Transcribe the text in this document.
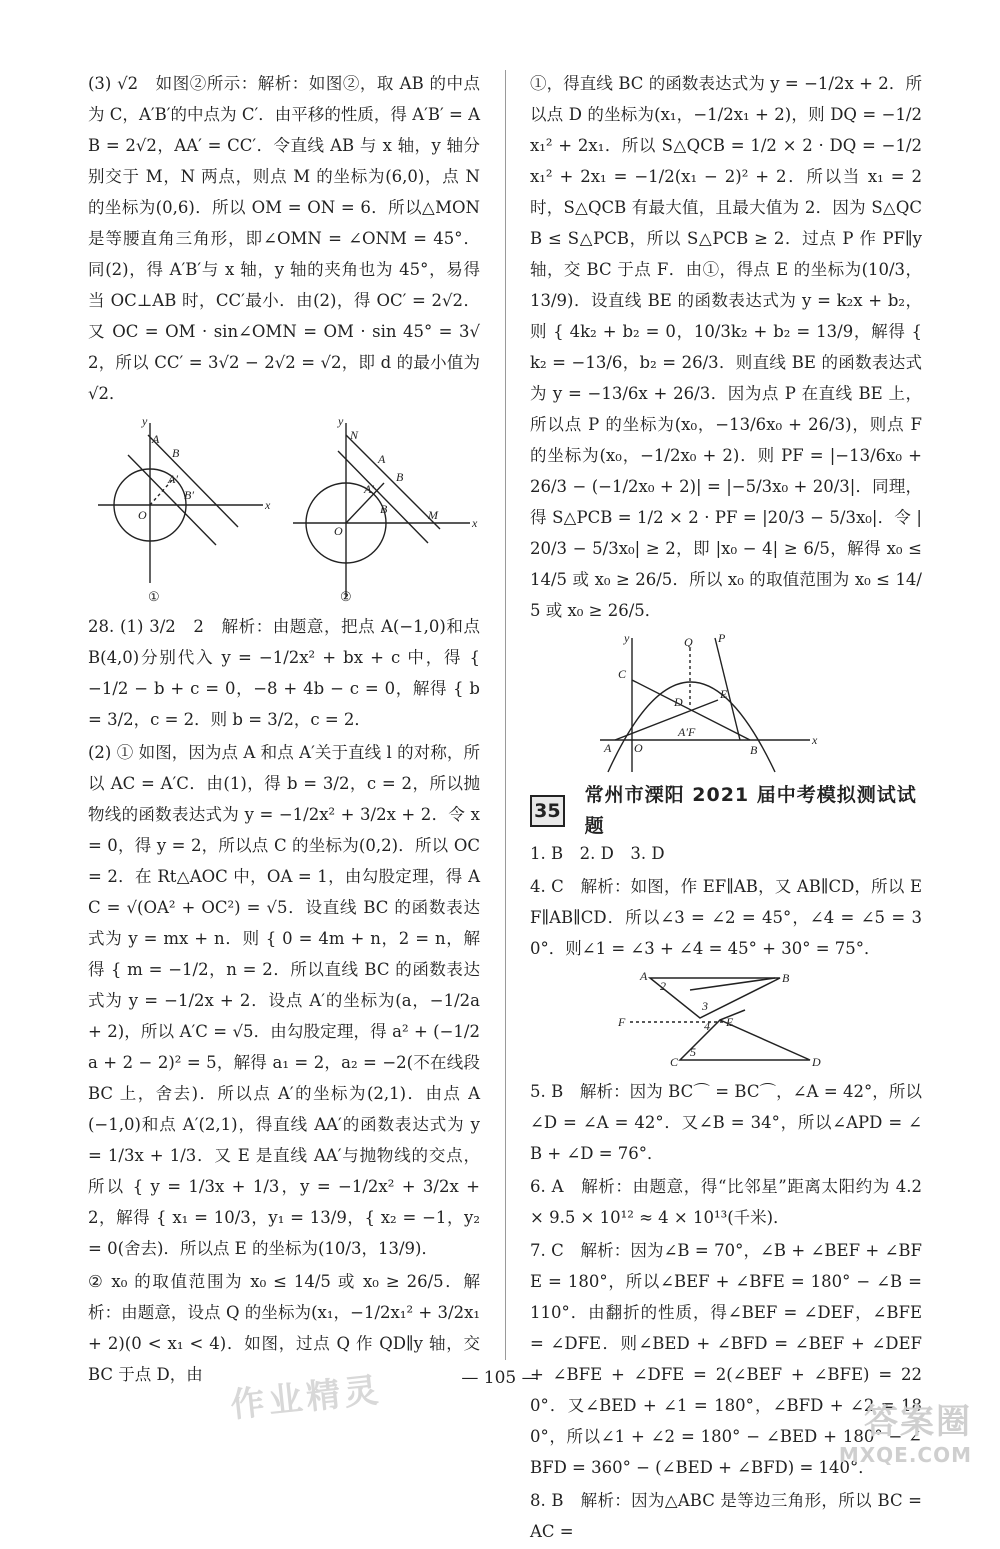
(3) √2　如图②所示：解析：如图②，取 AB 的中点为 C，A′B′的中点为 C′．由平移的性质，得 A′B′ = AB = 2√2，AA′ = CC′．令直线 AB 与 x 轴，y 轴分别交于 M，N 两点，则点 M 的坐标为(6,0)，点 N 的坐标为(0,6)．所以 OM = ON = 6．所以△MON 是等腰直角三角形，即∠OMN = ∠ONM = 45°．同(2)，得 A′B′与 x 轴，y 轴的夹角也为 45°，易得当 OC⊥AB 时，CC′最小．由(2)，得 OC′ = 2√2．又 OC = OM · sin∠OMN = OM · sin 45° = 3√2，所以 CC′ = 3√2 − 2√2 = √2，即 d 的最小值为√2．

y
x
A
B
A′
B′
O
y
x
N
A
B
A′
B	M
O
①	②

28. (1) 3/2　2　解析：由题意，把点 A(−1,0)和点 B(4,0)分别代入 y = −1/2x² + bx + c 中，得 { −1/2 − b + c = 0，−8 + 4b − c = 0，解得 { b = 3/2，c = 2．则 b = 3/2，c = 2．

(2) ① 如图，因为点 A 和点 A′关于直线 l 的对称，所以 AC = A′C．由(1)，得 b = 3/2，c = 2，所以抛物线的函数表达式为 y = −1/2x² + 3/2x + 2．令 x = 0，得 y = 2，所以点 C 的坐标为(0,2)．所以 OC = 2．在 Rt△AOC 中，OA = 1，由勾股定理，得 AC = √(OA² + OC²) = √5．设直线 BC 的函数表达式为 y = mx + n．则 { 0 = 4m + n，2 = n，解得 { m = −1/2，n = 2．所以直线 BC 的函数表达式为 y = −1/2x + 2．设点 A′的坐标为(a，−1/2a + 2)，所以 A′C = √5．由勾股定理，得 a² + (−1/2a + 2 − 2)² = 5，解得 a₁ = 2，a₂ = −2(不在线段 BC 上，舍去)．所以点 A′的坐标为(2,1)．由点 A(−1,0)和点 A′(2,1)，得直线 AA′的函数表达式为 y = 1/3x + 1/3．又 E 是直线 AA′与抛物线的交点，所以 { y = 1/3x + 1/3，y = −1/2x² + 3/2x + 2，解得 { x₁ = 10/3，y₁ = 13/9，{ x₂ = −1，y₂ = 0(舍去)．所以点 E 的坐标为(10/3，13/9)．

② x₀ 的取值范围为 x₀ ≤ 14/5 或 x₀ ≥ 26/5．解析：由题意，设点 Q 的坐标为(x₁，−1/2x₁² + 3/2x₁ + 2)(0 < x₁ < 4)．如图，过点 Q 作 QD∥y 轴，交 BC 于点 D，由

①，得直线 BC 的函数表达式为 y = −1/2x + 2．所以点 D 的坐标为(x₁，−1/2x₁ + 2)，则 DQ = −1/2x₁² + 2x₁．所以 S△QCB = 1/2 × 2 · DQ = −1/2x₁² + 2x₁ = −1/2(x₁ − 2)² + 2．所以当 x₁ = 2 时，S△QCB 有最大值，且最大值为 2．因为 S△QCB ≤ S△PCB，所以 S△PCB ≥ 2．过点 P 作 PF∥y 轴，交 BC 于点 F．由①，得点 E 的坐标为(10/3，13/9)．设直线 BE 的函数表达式为 y = k₂x + b₂，则 { 4k₂ + b₂ = 0，10/3k₂ + b₂ = 13/9，解得 { k₂ = −13/6，b₂ = 26/3．则直线 BE 的函数表达式为 y = −13/6x + 26/3．因为点 P 在直线 BE 上，所以点 P 的坐标为(x₀，−13/6x₀ + 26/3)，则点 F 的坐标为(x₀，−1/2x₀ + 2)．则 PF = |−13/6x₀ + 26/3 − (−1/2x₀ + 2)| = |−5/3x₀ + 20/3|．同理，得 S△PCB = 1/2 × 2 · PF = |20/3 − 5/3x₀|．令 |20/3 − 5/3x₀| ≥ 2，即 |x₀ − 4| ≥ 6/5，解得 x₀ ≤ 14/5 或 x₀ ≥ 26/5．所以 x₀ 的取值范围为 x₀ ≤ 14/5 或 x₀ ≥ 26/5．

y
x
C
A O	B
Q P
E
A′F
D
35
常州市溧阳 2021 届中考模拟测试试题

1. B　2. D　3. D

4. C　解析：如图，作 EF∥AB，又 AB∥CD，所以 EF∥AB∥CD．所以∠3 = ∠2 = 45°，∠4 = ∠5 = 30°．则∠1 = ∠3 + ∠4 = 45° + 30° = 75°．

A	B
F	E
C	D
2
3
4
5

5. B　解析：因为 BC⌒ = BC⌒，∠A = 42°，所以∠D = ∠A = 42°．又∠B = 34°，所以∠APD = ∠B + ∠D = 76°．

6. A　解析：由题意，得“比邻星”距离太阳约为 4.2 × 9.5 × 10¹² ≈ 4 × 10¹³(千米)．

7. C　解析：因为∠B = 70°，∠B + ∠BEF + ∠BFE = 180°，所以∠BEF + ∠BFE = 180° − ∠B = 110°．由翻折的性质，得∠BEF = ∠DEF，∠BFE = ∠DFE．则∠BED + ∠BFD = ∠BEF + ∠DEF + ∠BFE + ∠DFE = 2(∠BEF + ∠BFE) = 220°．又∠BED + ∠1 = 180°，∠BFD + ∠2 = 180°，所以∠1 + ∠2 = 180° − ∠BED + 180° − ∠BFD = 360° − (∠BED + ∠BFD) = 140°．

8. B　解析：因为△ABC 是等边三角形，所以 BC = AC =

— 105 —
作业精灵	答案圈
MXQE.COM
